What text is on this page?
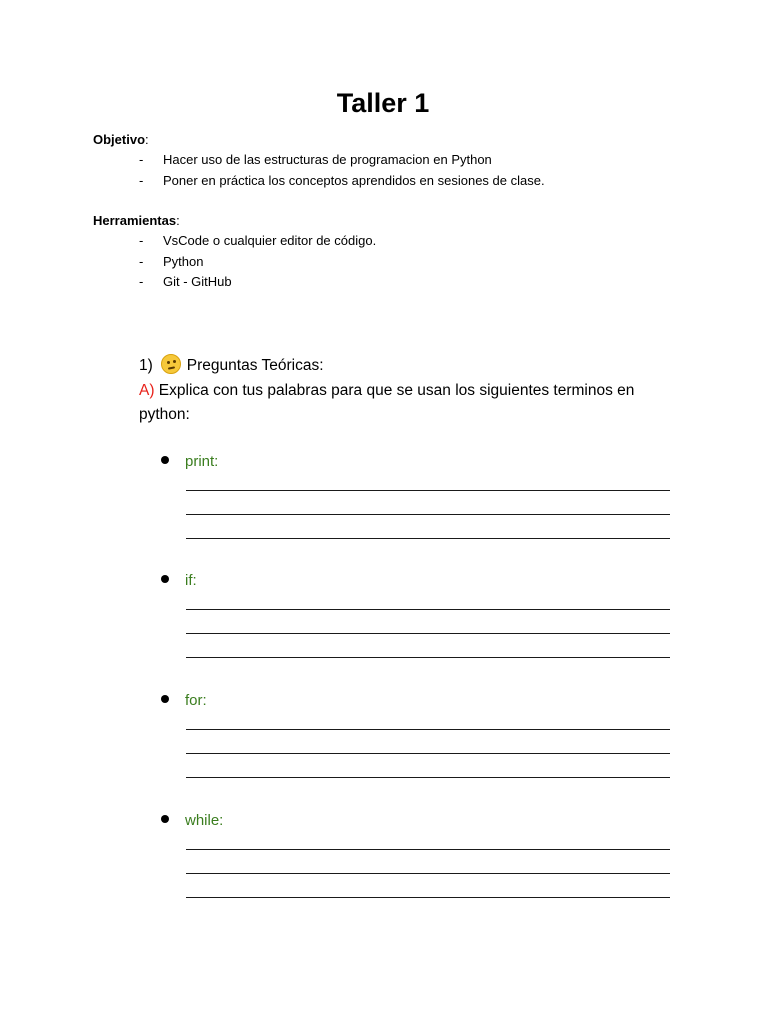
Taller 1

Objetivo:

- Hacer uso de las estructuras de programacion en Python
- Poner en práctica los conceptos aprendidos en sesiones de clase.

Herramientas:

- VsCode o cualquier editor de código.
- Python
- Git - GitHub

1) Preguntas Teóricas:

A) Explica con tus palabras para que se usan los siguientes terminos en python:

print:
if:
for:
while:
